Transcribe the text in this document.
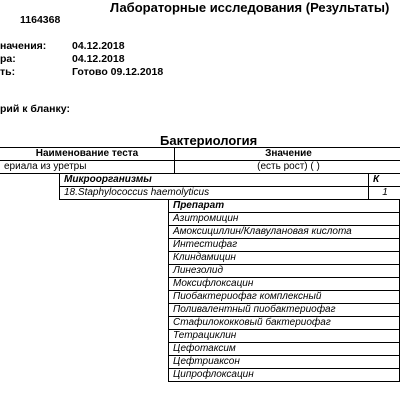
Лабораторные исследования (Результаты)
1164368
начения: 04.12.2018
ра:	04.12.2018
ть:	Готово 09.12.2018
рий к бланку:
Бактериология
Наименование теста	Значение
ериала из уретры	(есть рост) ( )
Микроорганизмы	К
18.Staphylococcus haemolyticus	1
Препарат
Азитромицин
Амоксициллин/Клавулановая кислота
Интестифаг
Клиндамицин
Линезолид
Моксифлоксацин
Пиобактериофаг комплексный
Поливалентный пиобактериофаг
Стафилококковый бактериофаг
Тетрациклин
Цефотаксим
Цефтриаксон
Ципрофлоксацин
